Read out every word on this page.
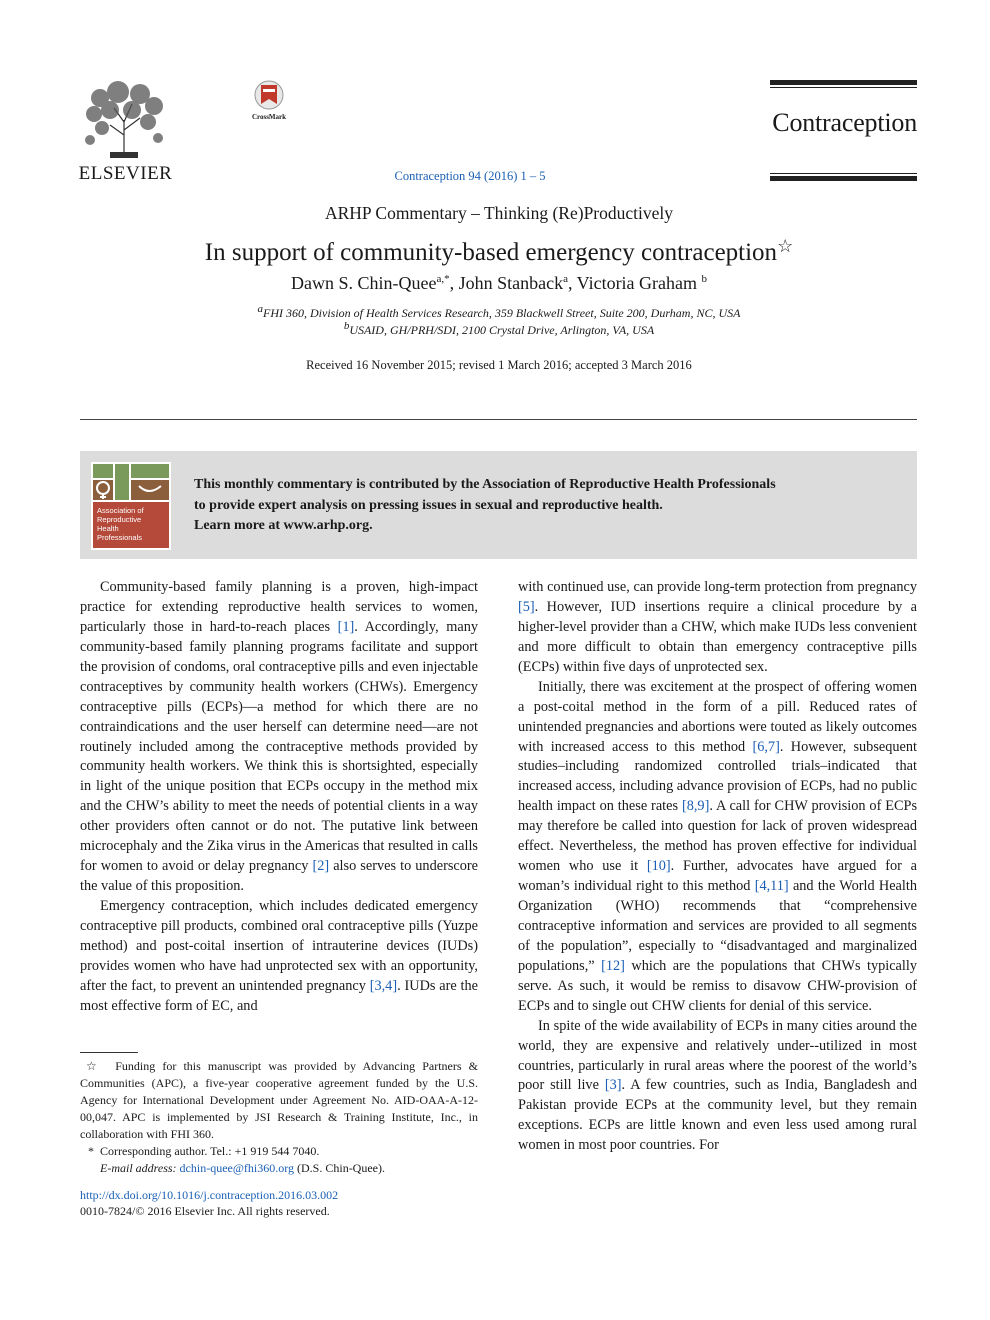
ELSEVIER
CrossMark	Contraception
Contraception 94 (2016) 1 – 5
ARHP Commentary – Thinking (Re)Productively
In support of community-based emergency contraception☆
Dawn S. Chin-Quee$^{a,*}$, John Stanback$^a$, Victoria Graham $^b$
$^a$FHI 360, Division of Health Services Research, 359 Blackwell Street, Suite 200, Durham, NC, USA
$^b$USAID, GH/PRH/SDI, 2100 Crystal Drive, Arlington, VA, USA
Received 16 November 2015; revised 1 March 2016; accepted 3 March 2016
Association of
Reproductive
Health
Professionals
This monthly commentary is contributed by the Association of Reproductive Health Professionals
to provide expert analysis on pressing issues in sexual and reproductive health.
Learn more at www.arhp.org.

Community-based family planning is a proven, high-impact practice for extending reproductive health services to women, particularly those in hard-to-reach places [1]. Accordingly, many community-based family planning programs facilitate and support the provision of condoms, oral contraceptive pills and even injectable contraceptives by community health workers (CHWs). Emergency contraceptive pills (ECPs)—a method for which there are no contraindications and the user herself can determine need—are not routinely included among the contraceptive methods provided by community health workers. We think this is shortsighted, especially in light of the unique position that ECPs occupy in the method mix and the CHW’s ability to meet the needs of potential clients in a way other providers often cannot or do not. The putative link between microcephaly and the Zika virus in the Americas that resulted in calls for women to avoid or delay pregnancy [2] also serves to underscore the value of this proposition.

Emergency contraception, which includes dedicated emergency contraceptive pill products, combined oral contraceptive pills (Yuzpe method) and post-coital insertion of intrauterine devices (IUDs) provides women who have had unprotected sex with an opportunity, after the fact, to prevent an unintended pregnancy [3,4]. IUDs are the most effective form of EC, and

with continued use, can provide long-term protection from pregnancy [5]. However, IUD insertions require a clinical procedure by a higher-level provider than a CHW, which make IUDs less convenient and more difficult to obtain than emergency contraceptive pills (ECPs) within five days of unprotected sex.

Initially, there was excitement at the prospect of offering women a post-coital method in the form of a pill. Reduced rates of unintended pregnancies and abortions were touted as likely outcomes with increased access to this method [6,7]. However, subsequent studies–including randomized controlled trials–indicated that increased access, including advance provision of ECPs, had no public health impact on these rates [8,9]. A call for CHW provision of ECPs may therefore be called into question for lack of proven widespread effect. Nevertheless, the method has proven effective for individual women who use it [10]. Further, advocates have argued for a woman’s individual right to this method [4,11] and the World Health Organization (WHO) recommends that “comprehensive contraceptive information and services are provided to all segments of the population”, especially to “disadvantaged and marginalized populations,” [12] which are the populations that CHWs typically serve. As such, it would be remiss to disavow CHW-provision of ECPs and to single out CHW clients for denial of this service.

In spite of the wide availability of ECPs in many cities around the world, they are expensive and relatively under--utilized in most countries, particularly in rural areas where the poorest of the world’s poor still live [3]. A few countries, such as India, Bangladesh and Pakistan provide ECPs at the community level, but they remain exceptions. ECPs are little known and even less used among rural women in most poor countries. For

☆ Funding for this manuscript was provided by Advancing Partners & Communities (APC), a five-year cooperative agreement funded by the U.S. Agency for International Development under Agreement No. AID-OAA-A-12-00,047. APC is implemented by JSI Research & Training Institute, Inc., in collaboration with FHI 360.

* Corresponding author. Tel.: +1 919 544 7040.

E-mail address: dchin-quee@fhi360.org (D.S. Chin-Quee).

http://dx.doi.org/10.1016/j.contraception.2016.03.002
0010-7824/© 2016 Elsevier Inc. All rights reserved.
